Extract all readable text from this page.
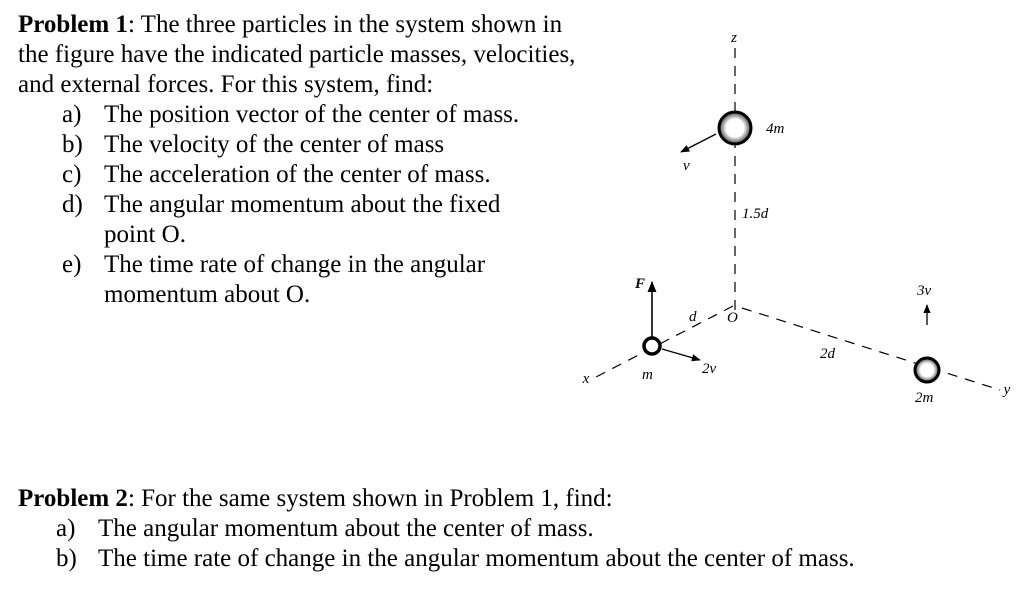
Problem 1: The three particles in the system shown in the figure have the indicated particle masses, velocities, and external forces. For this system, find:

a) The position vector of the center of mass.
b) The velocity of the center of mass
c) The acceleration of the center of mass.
d) The angular momentum about the fixed point O.
e) The time rate of change in the angular momentum about O.
z
x
y
O
4m
v
1.5d
F
m	2v
d
2m
3v
2d

Problem 2: For the same system shown in Problem 1, find:

a) The angular momentum about the center of mass.
b) The time rate of change in the angular momentum about the center of mass.
